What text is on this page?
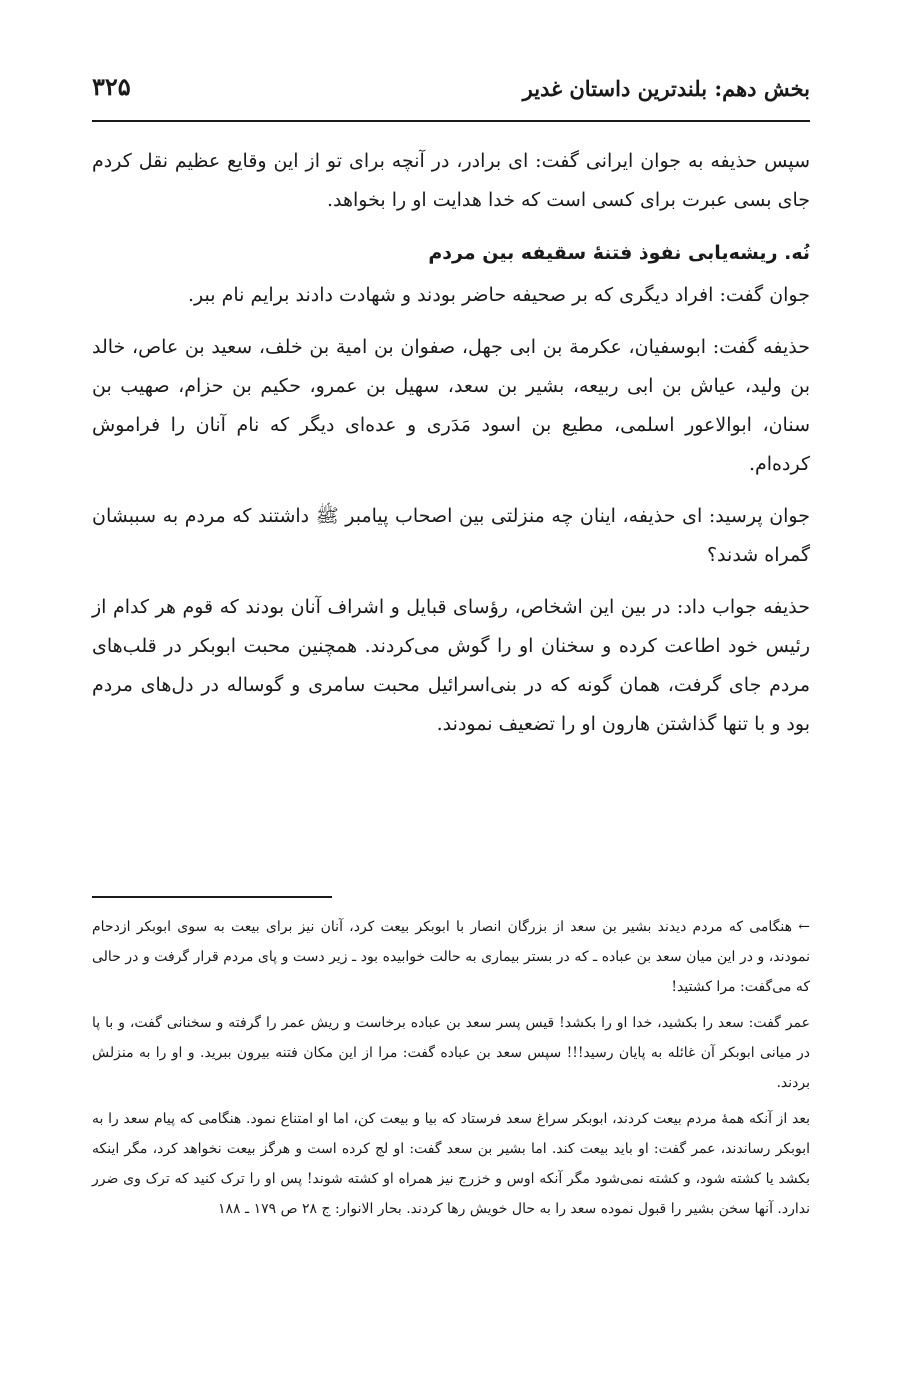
بخش دهم: بلندترین داستان غدیر
۳۲۵

سپس حذیفه به جوان ایرانی گفت: ای برادر، در آنچه برای تو از این وقایع عظیم نقل کردم جای بسی عبرت برای کسی است که خدا هدایت او را بخواهد.

نُه. ریشه‌یابی نفوذ فتنهٔ سقیفه بین مردم

جوان گفت: افراد دیگری که بر صحیفه حاضر بودند و شهادت دادند برایم نام ببر.

حذیفه گفت: ابوسفیان، عکرمة بن ابی جهل، صفوان بن امیة بن خلف، سعید بن عاص، خالد بن ولید، عیاش بن ابی ربیعه، بشیر بن سعد، سهیل بن عمرو، حکیم بن حزام، صهیب بن سنان، ابوالاعور اسلمی، مطیع بن اسود مَدَری و عده‌ای دیگر که نام آنان را فراموش کرده‌ام.

جوان پرسید: ای حذیفه، اینان چه منزلتی بین اصحاب پیامبر ﷺ داشتند که مردم به سببشان گمراه شدند؟

حذیفه جواب داد: در بین این اشخاص، رؤسای قبایل و اشراف آنان بودند که قوم هر کدام از رئیس خود اطاعت کرده و سخنان او را گوش می‌کردند. همچنین محبت ابوبکر در قلب‌های مردم جای گرفت، همان گونه که در بنی‌اسرائیل محبت سامری و گوساله در دل‌های مردم بود و با تنها گذاشتن هارون او را تضعیف نمودند.

← هنگامی که مردم دیدند بشیر بن سعد از بزرگان انصار با ابوبکر بیعت کرد، آنان نیز برای بیعت به سوی ابوبکر ازدحام نمودند، و در این میان سعد بن عباده ـ که در بستر بیماری به حالت خوابیده بود ـ زیر دست و پای مردم قرار گرفت و در حالی که می‌گفت: مرا کشتید!

عمر گفت: سعد را بکشید، خدا او را بکشد! قیس پسر سعد بن عباده برخاست و ریش عمر را گرفته و سخنانی گفت، و با پا در میانی ابوبکر آن غائله به پایان رسید!!! سپس سعد بن عباده گفت: مرا از این مکان فتنه بیرون ببرید. و او را به منزلش بردند.

بعد از آنکه همهٔ مردم بیعت کردند، ابوبکر سراغ سعد فرستاد که بیا و بیعت کن، اما او امتناع نمود. هنگامی که پیام سعد را به ابوبکر رساندند، عمر گفت: او باید بیعت کند. اما بشیر بن سعد گفت: او لج کرده است و هرگز بیعت نخواهد کرد، مگر اینکه بکشد یا کشته شود، و کشته نمی‌شود مگر آنکه اوس و خزرج نیز همراه او کشته شوند! پس او را ترک کنید که ترک وی ضرر ندارد. آنها سخن بشیر را قبول نموده سعد را به حال خویش رها کردند. بحار الانوار: ج ۲۸ ص ۱۷۹ ـ ۱۸۸
